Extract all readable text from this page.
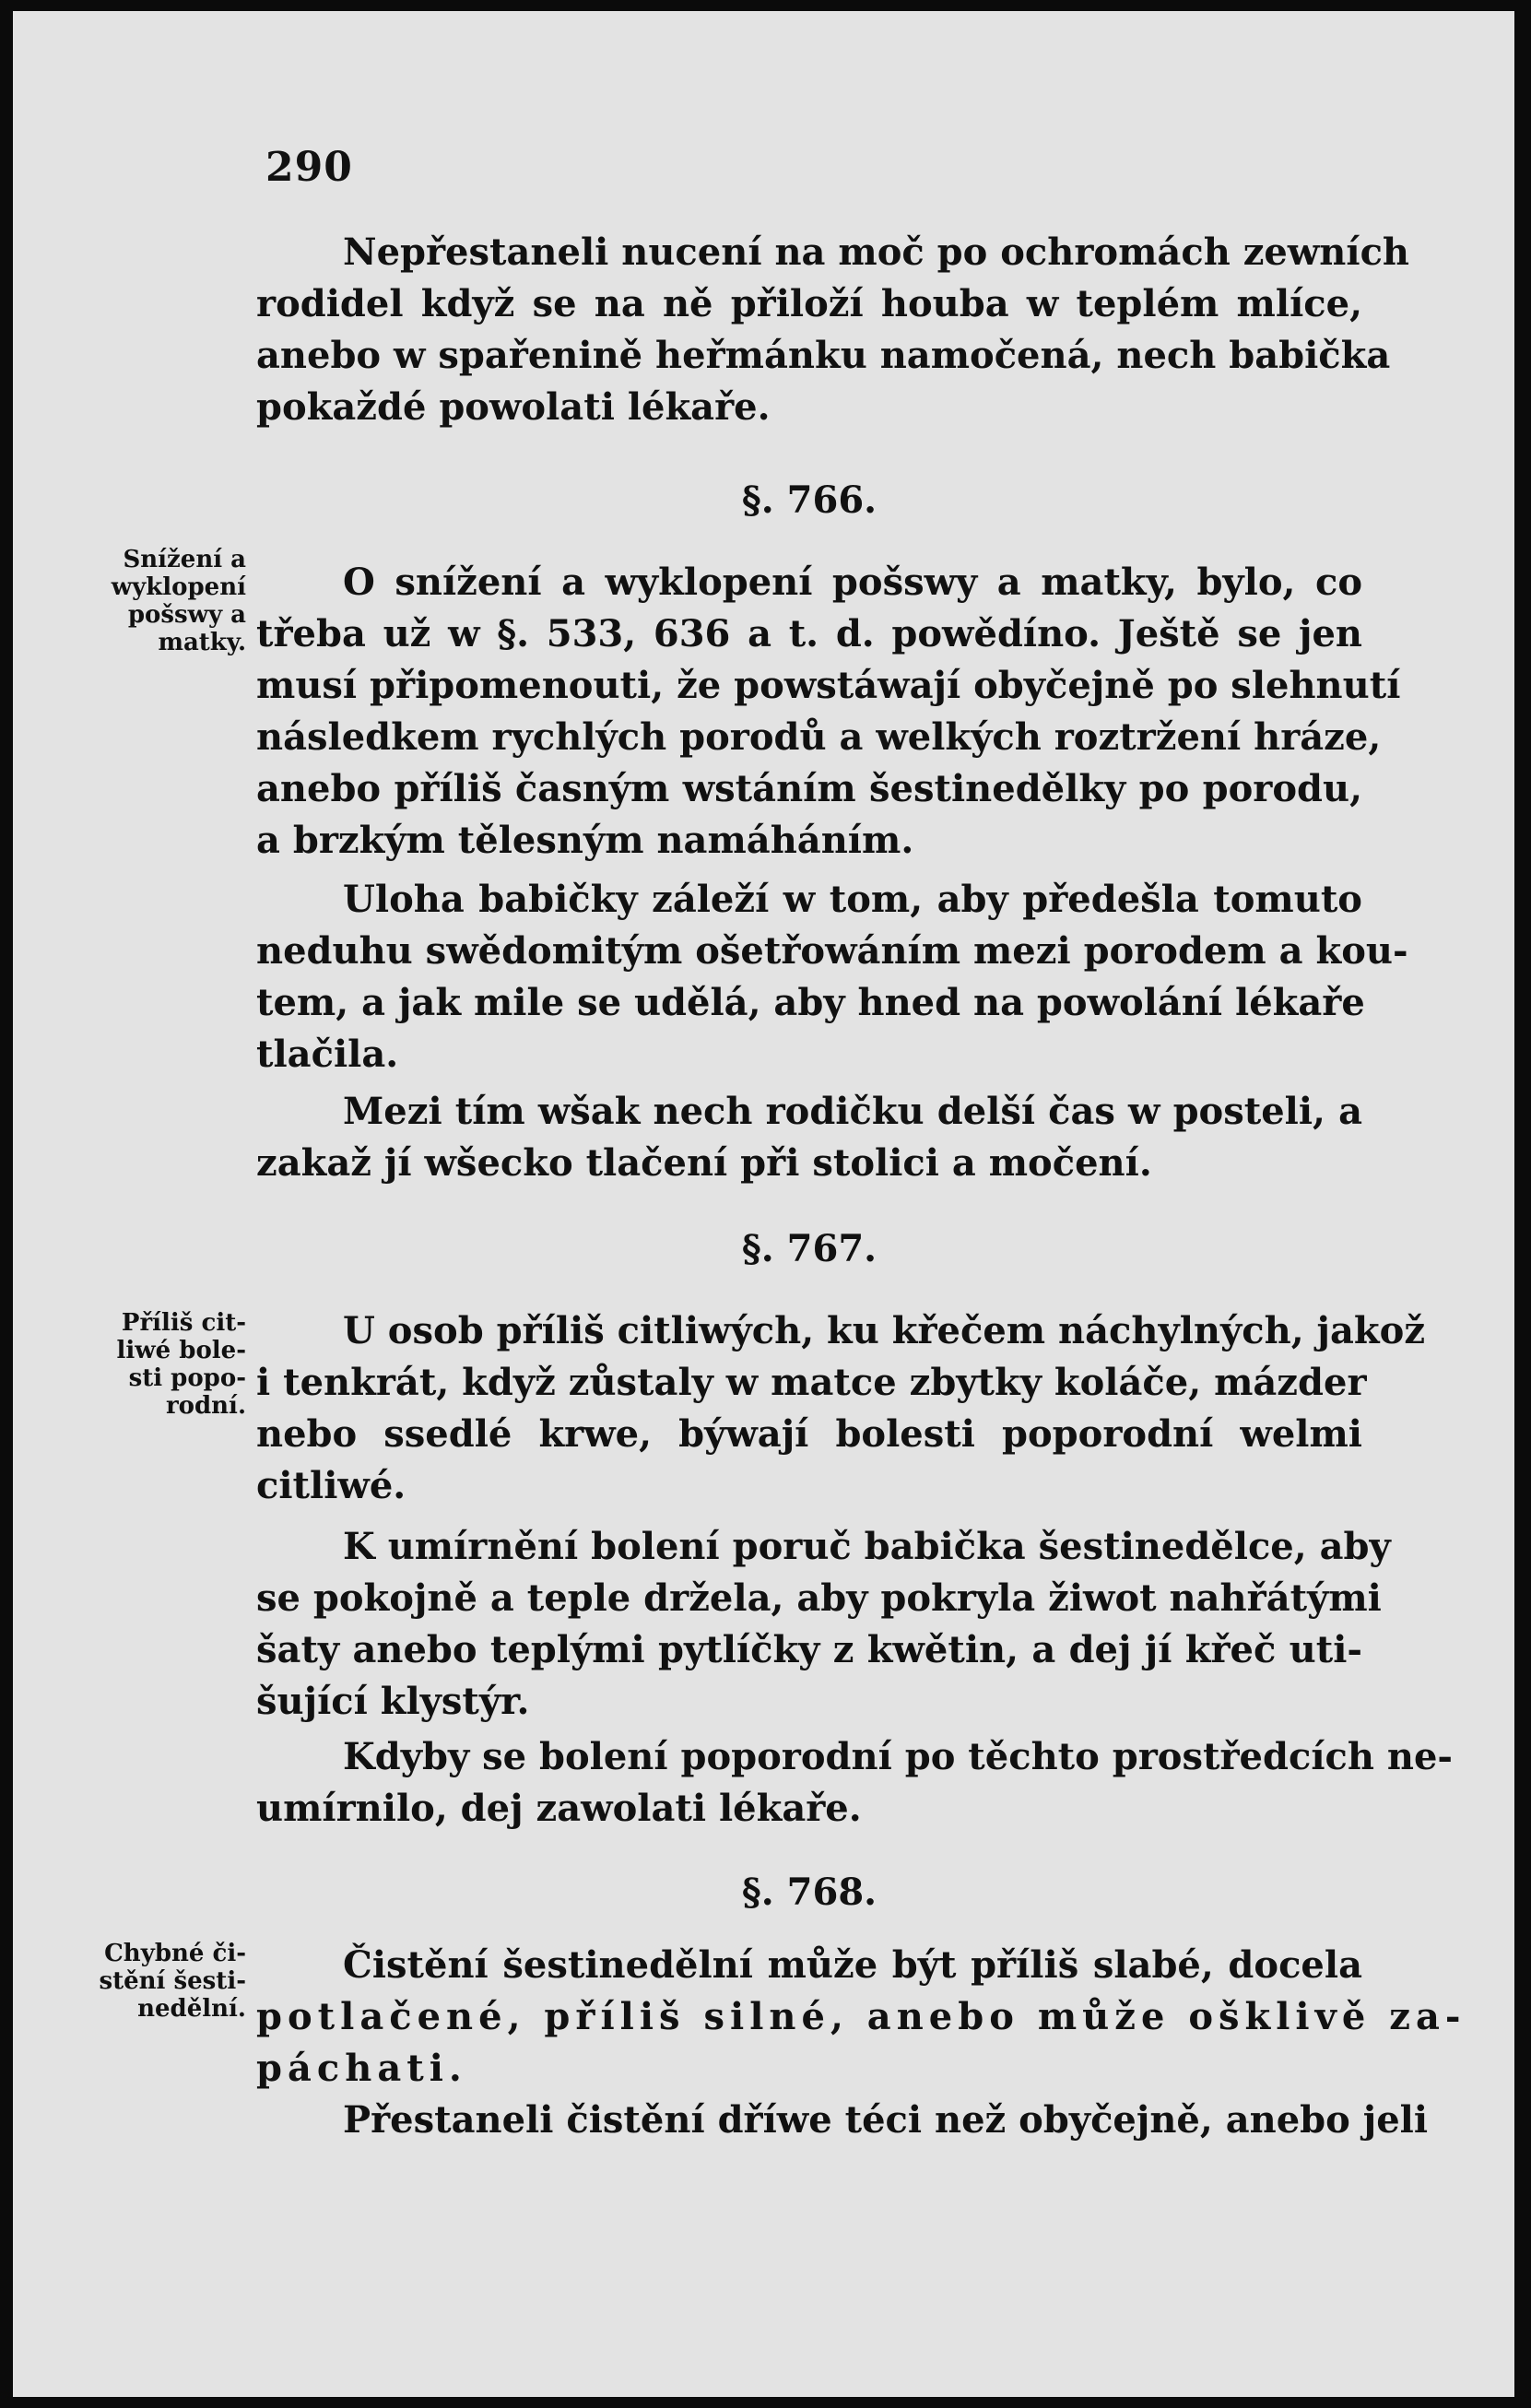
290
Nepřestaneli nucení na moč po ochromách zewních
rodidel když se na ně přiloží houba w teplém mlíce,
anebo w spařenině heřmánku namočená, nech babička
pokaždé powolati lékaře.
§. 766.
Snížení a
wyklopení
pošswy a
matky.
O snížení a wyklopení pošswy a matky, bylo, co
třeba už w §. 533, 636 a t. d. powědíno. Ještě se jen
musí připomenouti, že powstáwají obyčejně po slehnutí
následkem rychlých porodů a welkých roztržení hráze,
anebo příliš časným wstáním šestinedělky po porodu,
a brzkým tělesným namáháním.
Uloha babičky záleží w tom, aby předešla tomuto
neduhu swědomitým ošetřowáním mezi porodem a kou-
tem, a jak mile se udělá, aby hned na powolání lékaře
tlačila.
Mezi tím wšak nech rodičku delší čas w posteli, a
zakaž jí wšecko tlačení při stolici a močení.
§. 767.
Příliš cit-
liwé bole-
sti popo-
rodní.
U osob příliš citliwých, ku křečem náchylných, jakož
i tenkrát, když zůstaly w matce zbytky koláče, mázder
nebo ssedlé krwe, býwají bolesti poporodní welmi
citliwé.
K umírnění bolení poruč babička šestinedělce, aby
se pokojně a teple držela, aby pokryla žiwot nahřátými
šaty anebo teplými pytlíčky z kwětin, a dej jí křeč uti-
šující klystýr.
Kdyby se bolení poporodní po těchto prostředcích ne-
umírnilo, dej zawolati lékaře.
§. 768.
Chybné či-
stění šesti-
nedělní.
Čistění šestinedělní může být příliš slabé, docela
potlačené, příliš silné, anebo může ošklivě za-
páchati.
Přestaneli čistění dříwe téci než obyčejně, anebo jeli
